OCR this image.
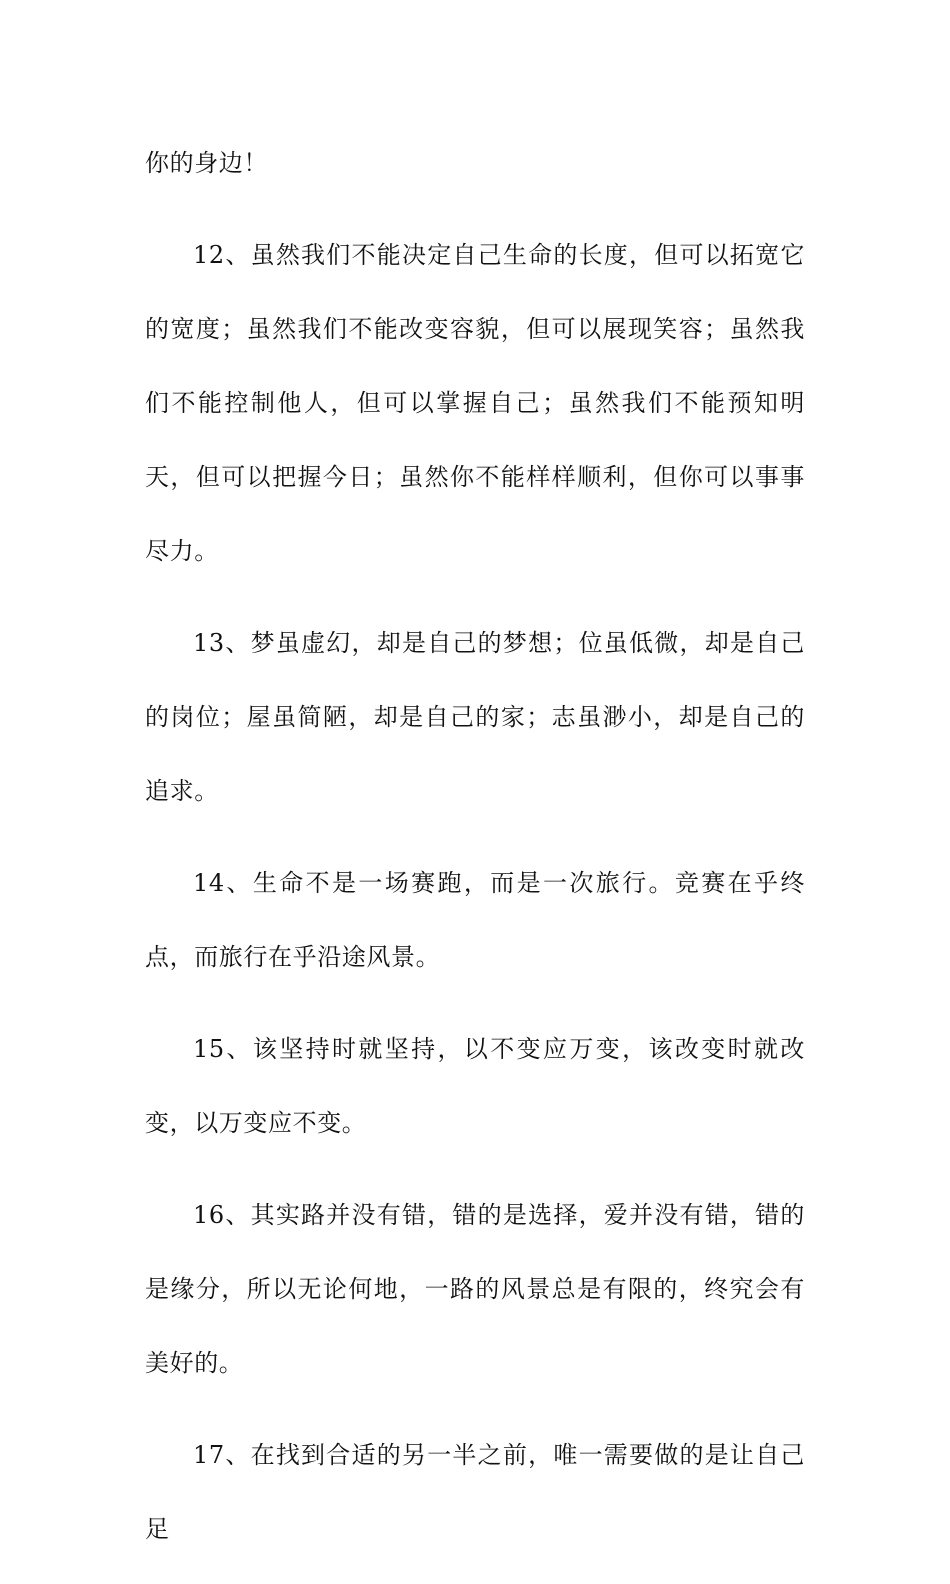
你的身边！

12、虽然我们不能决定自己生命的长度，但可以拓宽它的宽度；虽然我们不能改变容貌，但可以展现笑容；虽然我们不能控制他人，但可以掌握自己；虽然我们不能预知明天，但可以把握今日；虽然你不能样样顺利，但你可以事事尽力。

13、梦虽虚幻，却是自己的梦想；位虽低微，却是自己的岗位；屋虽简陋，却是自己的家；志虽渺小，却是自己的追求。

14、生命不是一场赛跑，而是一次旅行。竞赛在乎终点，而旅行在乎沿途风景。

15、该坚持时就坚持，以不变应万变，该改变时就改变，以万变应不变。

16、其实路并没有错，错的是选择，爱并没有错，错的是缘分，所以无论何地，一路的风景总是有限的，终究会有美好的。

17、在找到合适的另一半之前，唯一需要做的是让自己足
